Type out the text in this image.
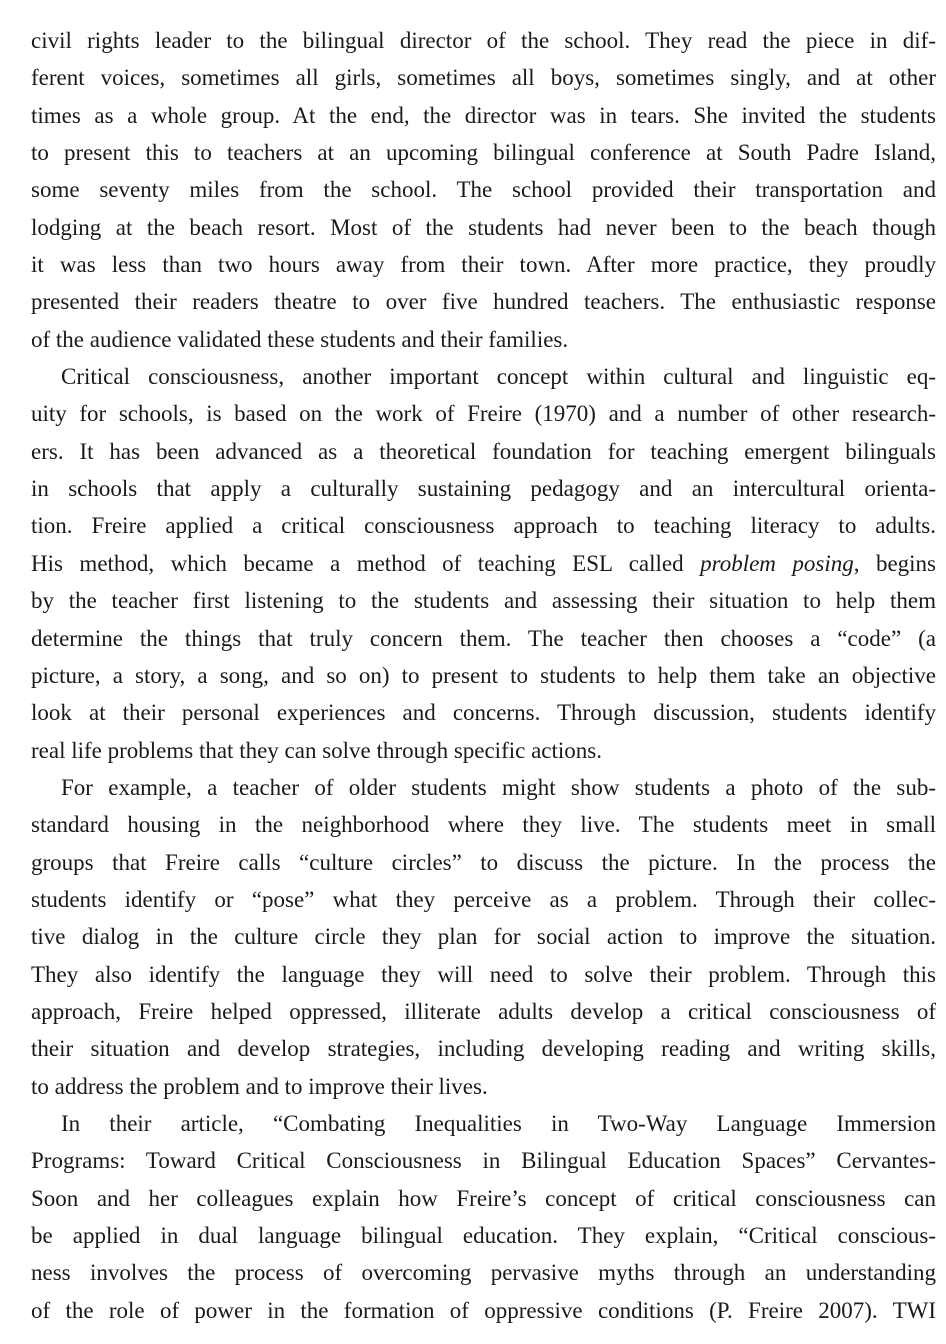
civil rights leader to the bilingual director of the school. They read the piece in dif-
ferent voices, sometimes all girls, sometimes all boys, sometimes singly, and at other
times as a whole group. At the end, the director was in tears. She invited the students
to present this to teachers at an upcoming bilingual conference at South Padre Island,
some seventy miles from the school. The school provided their transportation and
lodging at the beach resort. Most of the students had never been to the beach though
it was less than two hours away from their town. After more practice, they proudly
presented their readers theatre to over five hundred teachers. The enthusiastic response
of the audience validated these students and their families.
Critical consciousness, another important concept within cultural and linguistic eq-
uity for schools, is based on the work of Freire (1970) and a number of other research-
ers. It has been advanced as a theoretical foundation for teaching emergent bilinguals
in schools that apply a culturally sustaining pedagogy and an intercultural orienta-
tion. Freire applied a critical consciousness approach to teaching literacy to adults.
His method, which became a method of teaching ESL called problem posing, begins
by the teacher first listening to the students and assessing their situation to help them
determine the things that truly concern them. The teacher then chooses a “code” (a
picture, a story, a song, and so on) to present to students to help them take an objective
look at their personal experiences and concerns. Through discussion, students identify
real life problems that they can solve through specific actions.
For example, a teacher of older students might show students a photo of the sub-
standard housing in the neighborhood where they live. The students meet in small
groups that Freire calls “culture circles” to discuss the picture. In the process the
students identify or “pose” what they perceive as a problem. Through their collec-
tive dialog in the culture circle they plan for social action to improve the situation.
They also identify the language they will need to solve their problem. Through this
approach, Freire helped oppressed, illiterate adults develop a critical consciousness of
their situation and develop strategies, including developing reading and writing skills,
to address the problem and to improve their lives.
In their article, “Combating Inequalities in Two-Way Language Immersion
Programs: Toward Critical Consciousness in Bilingual Education Spaces” Cervantes-
Soon and her colleagues explain how Freire’s concept of critical consciousness can
be applied in dual language bilingual education. They explain, “Critical conscious-
ness involves the process of overcoming pervasive myths through an understanding
of the role of power in the formation of oppressive conditions (P. Freire 2007). TWI
